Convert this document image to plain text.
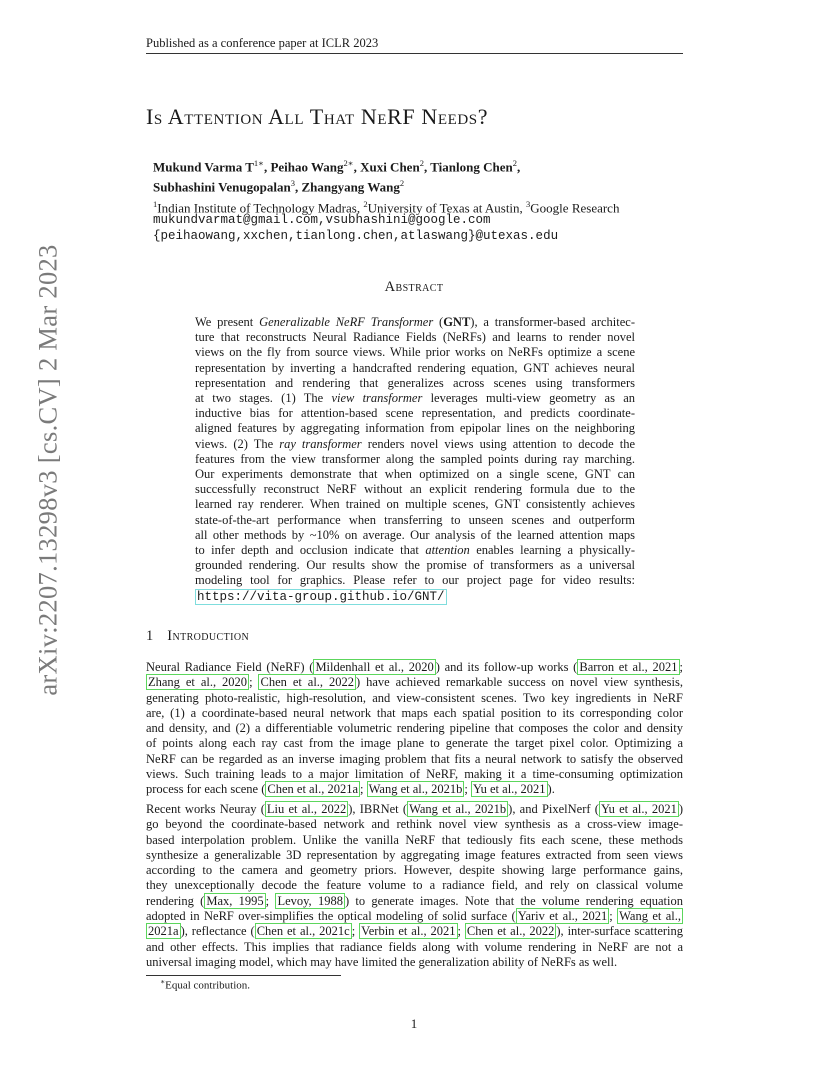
Published as a conference paper at ICLR 2023
arXiv:2207.13298v3 [cs.CV] 2 Mar 2023
Is Attention All That NeRF Needs?
Mukund Varma $T^{1∗}$, Peihao Wang$^{2∗}$, Xuxi Chen$^2$, Tianlong Chen$^2$,
Subhashini Venugopalan$^3$, Zhangyang Wang$^2$
$^1$Indian Institute of Technology Madras, $^2$University of Texas at Austin, $^3$Google Research
mukundvarmat@gmail.com,vsubhashini@google.com
{peihaowang,xxchen,tianlong.chen,atlaswang}@utexas.edu
Abstract
We present Generalizable NeRF Transformer (GNT), a transformer-based architec-
ture that reconstructs Neural Radiance Fields (NeRFs) and learns to render novel
views on the fly from source views. While prior works on NeRFs optimize a scene
representation by inverting a handcrafted rendering equation, GNT achieves neural
representation and rendering that generalizes across scenes using transformers
at two stages. (1) The view transformer leverages multi-view geometry as an
inductive bias for attention-based scene representation, and predicts coordinate-
aligned features by aggregating information from epipolar lines on the neighboring
views. (2) The ray transformer renders novel views using attention to decode the
features from the view transformer along the sampled points during ray marching.
Our experiments demonstrate that when optimized on a single scene, GNT can
successfully reconstruct NeRF without an explicit rendering formula due to the
learned ray renderer. When trained on multiple scenes, GNT consistently achieves
state-of-the-art performance when transferring to unseen scenes and outperform
all other methods by ~10% on average. Our analysis of the learned attention maps
to infer depth and occlusion indicate that attention enables learning a physically-
grounded rendering. Our results show the promise of transformers as a universal
modeling tool for graphics. Please refer to our project page for video results:
https://vita-group.github.io/GNT/
1 Introduction
Neural Radiance Field (NeRF) ( Mildenhall et al., 2020 ) and its follow-up works ( Barron et al., 2021 ;
Zhang et al., 2020 ; Chen et al., 2022 ) have achieved remarkable success on novel view synthesis,
generating photo-realistic, high-resolution, and view-consistent scenes. Two key ingredients in NeRF
are, (1) a coordinate-based neural network that maps each spatial position to its corresponding color
and density, and (2) a differentiable volumetric rendering pipeline that composes the color and density
of points along each ray cast from the image plane to generate the target pixel color. Optimizing a
NeRF can be regarded as an inverse imaging problem that fits a neural network to satisfy the observed
views. Such training leads to a major limitation of NeRF, making it a time-consuming optimization
process for each scene ( Chen et al., 2021a ; Wang et al., 2021b ; Yu et al., 2021 ).
Recent works Neuray ( Liu et al., 2022 ), IBRNet ( Wang et al., 2021b ), and PixelNerf ( Yu et al., 2021 )
go beyond the coordinate-based network and rethink novel view synthesis as a cross-view image-
based interpolation problem. Unlike the vanilla NeRF that tediously fits each scene, these methods
synthesize a generalizable 3D representation by aggregating image features extracted from seen views
according to the camera and geometry priors. However, despite showing large performance gains,
they unexceptionally decode the feature volume to a radiance field, and rely on classical volume
rendering ( Max, 1995 ; Levoy, 1988 ) to generate images. Note that the volume rendering equation
adopted in NeRF over-simplifies the optical modeling of solid surface ( Yariv et al., 2021 ; Wang et al.,
2021a ), reflectance ( Chen et al., 2021c ; Verbin et al., 2021 ; Chen et al., 2022 ), inter-surface scattering
and other effects. This implies that radiance fields along with volume rendering in NeRF are not a
universal imaging model, which may have limited the generalization ability of NeRFs as well.
∗Equal contribution.
1
